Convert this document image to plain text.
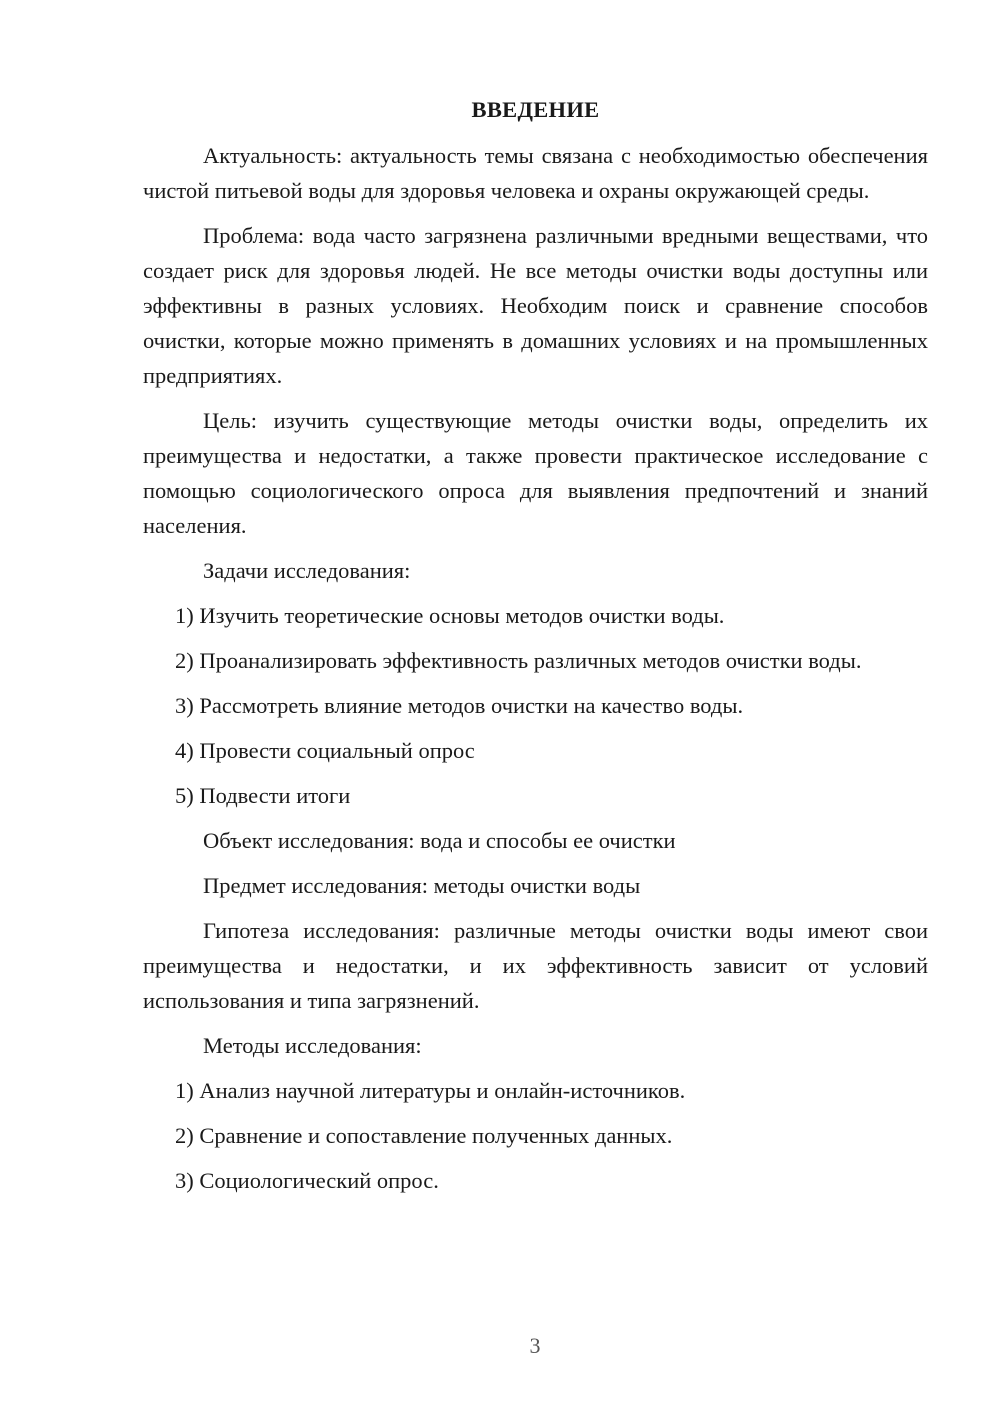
ВВЕДЕНИЕ
Актуальность: актуальность темы связана с необходимостью обеспечения чистой питьевой воды для здоровья человека и охраны окружающей среды.
Проблема: вода часто загрязнена различными вредными веществами, что создает риск для здоровья людей. Не все методы очистки воды доступны или эффективны в разных условиях. Необходим поиск и сравнение способов очистки, которые можно применять в домашних условиях и на промышленных предприятиях.
Цель: изучить существующие методы очистки воды, определить их преимущества и недостатки, а также провести практическое исследование с помощью социологического опроса для выявления предпочтений и знаний населения.
Задачи исследования:
1) Изучить теоретические основы методов очистки воды.
2) Проанализировать эффективность различных методов очистки воды.
3) Рассмотреть влияние методов очистки на качество воды.
4) Провести социальный опрос
5) Подвести итоги
Объект исследования: вода и способы ее очистки
Предмет исследования: методы очистки воды
Гипотеза исследования: различные методы очистки воды имеют свои преимущества и недостатки, и их эффективность зависит от условий использования и типа загрязнений.
Методы исследования:
1) Анализ научной литературы и онлайн-источников.
2) Сравнение и сопоставление полученных данных.
3) Социологический опрос.
3
